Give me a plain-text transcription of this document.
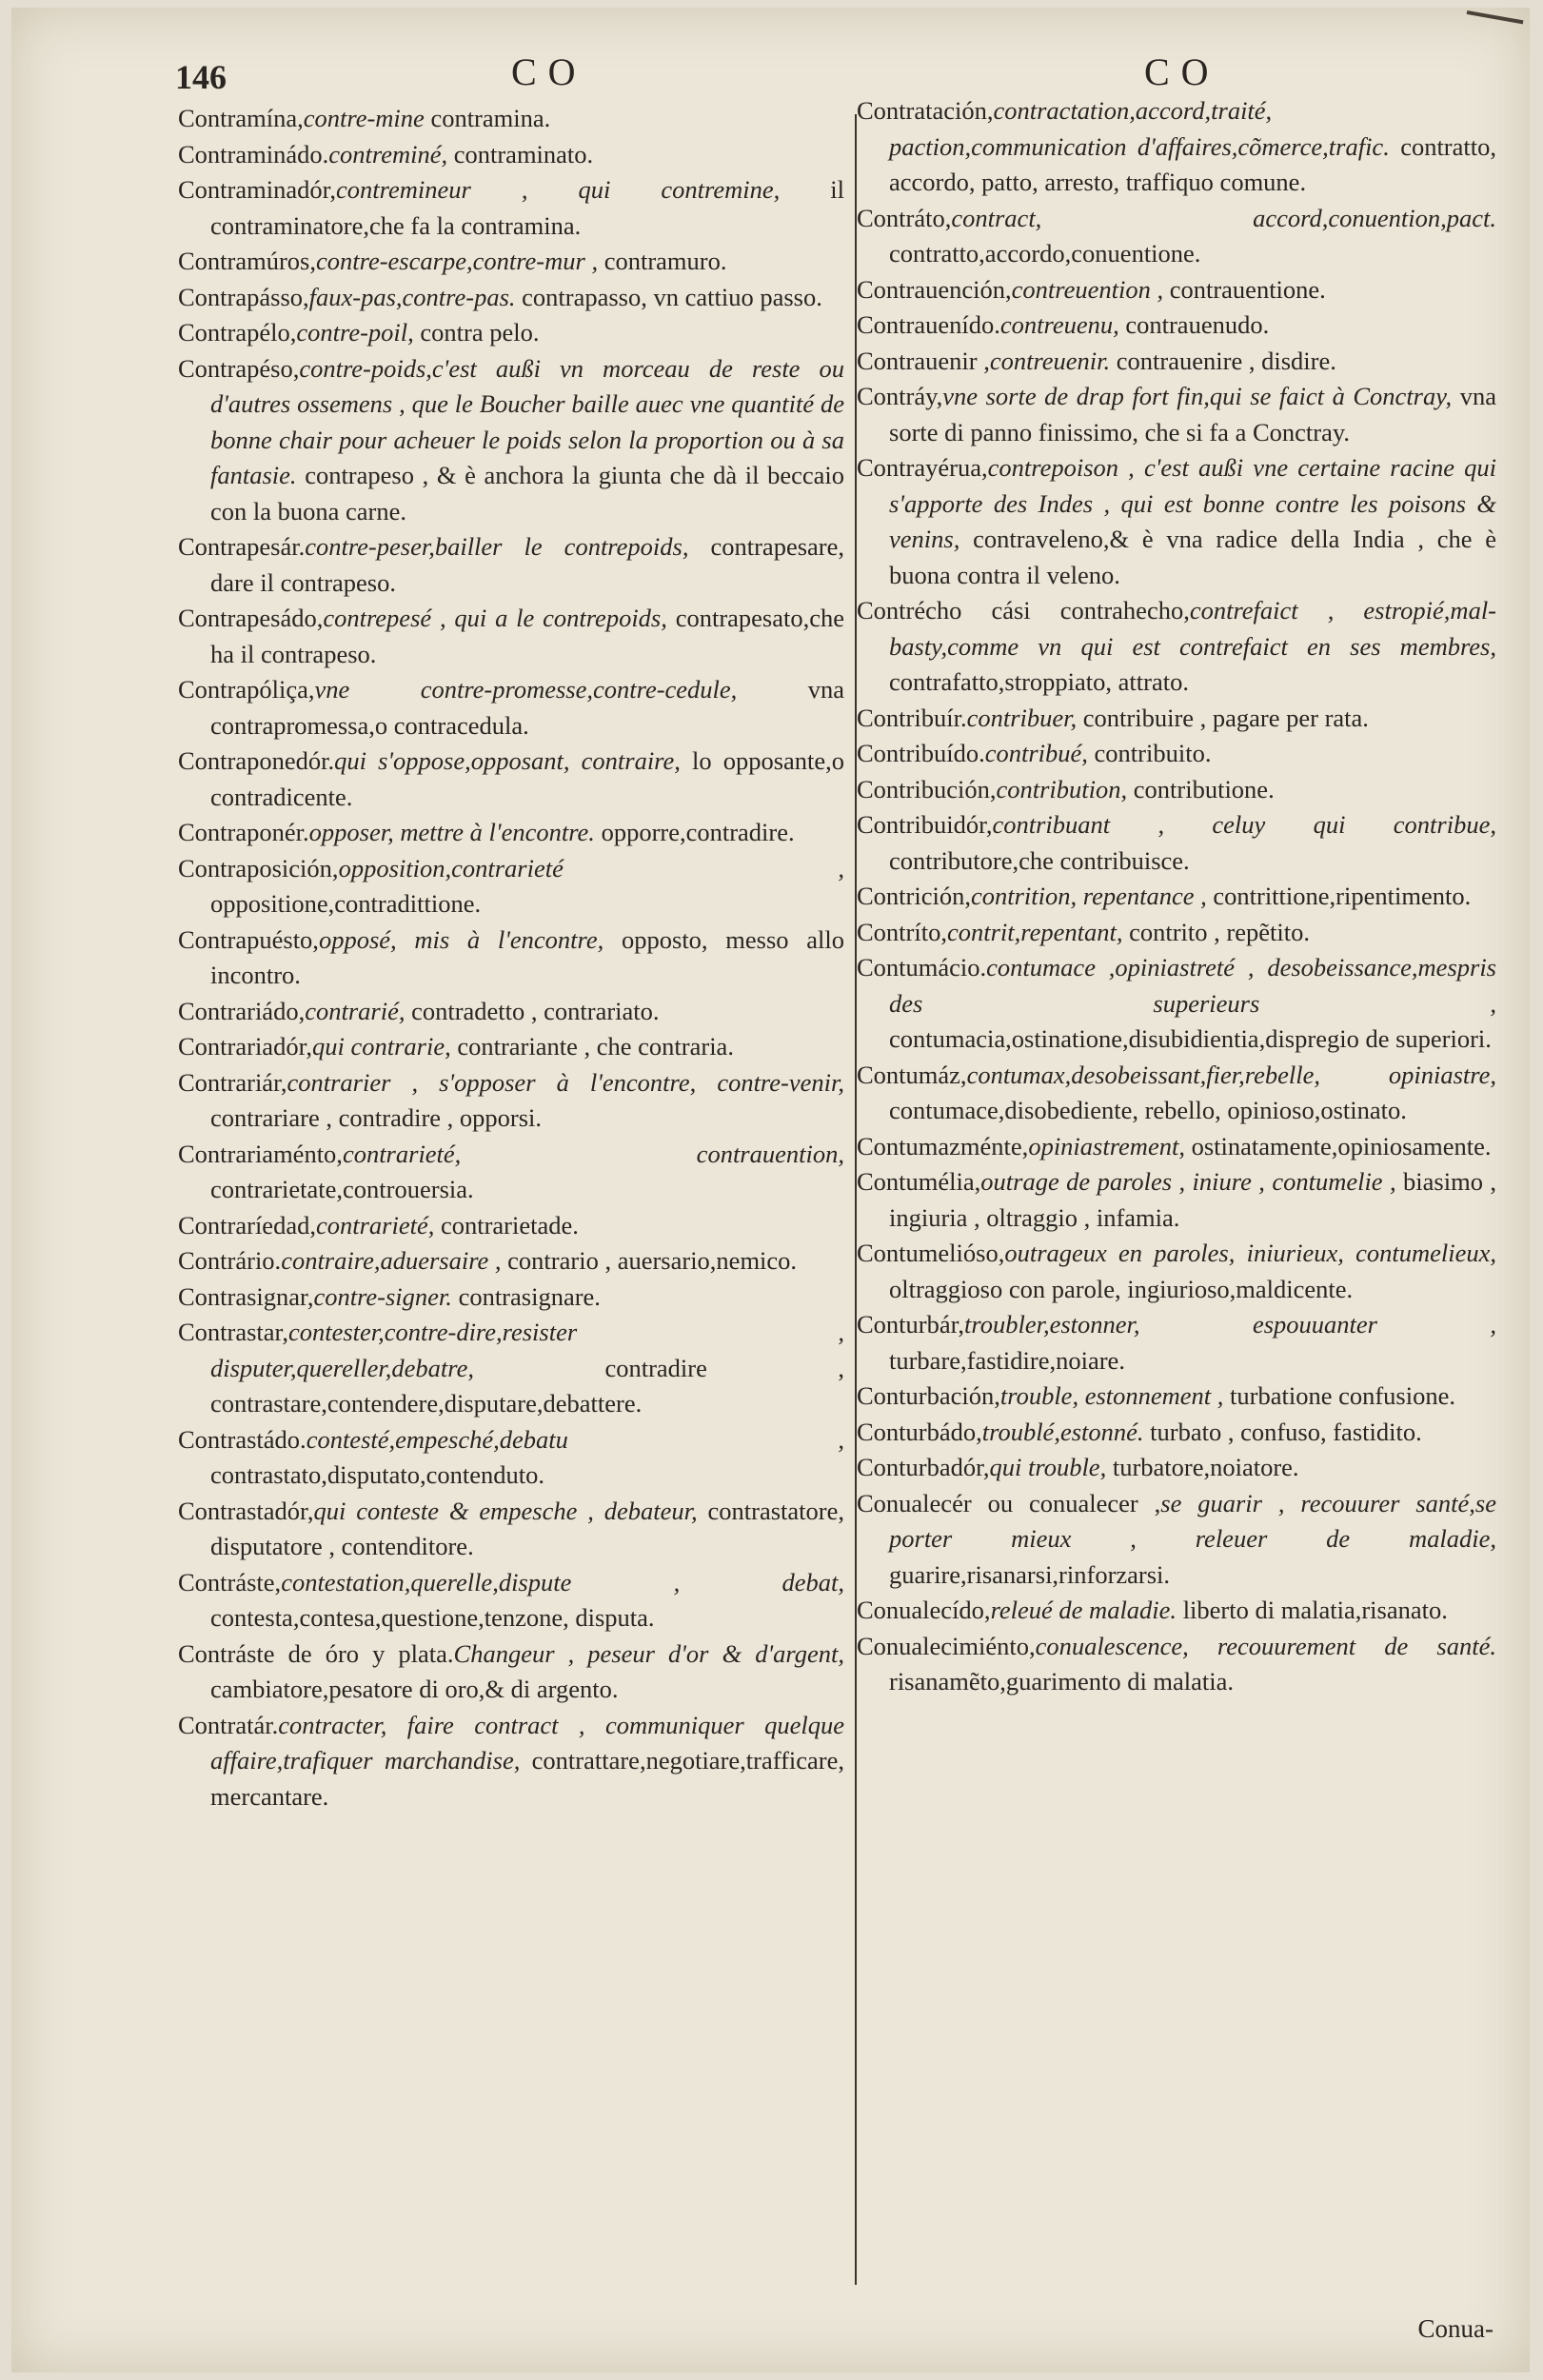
146	CO	CO
Contramína,contre-mine contramina.
Contraminádo.contreminé, contraminato.
Contraminadór,contremineur , qui contremine, il contraminatore,che fa la contramina.
Contramúros,contre-escarpe,contre-mur , contramuro.
Contrapásso,faux-pas,contre-pas. contrapasso, vn cattiuo passo.
Contrapélo,contre-poil, contra pelo.
Contrapéso,contre-poids,c'est außi vn morceau de reste ou d'autres ossemens , que le Boucher baille auec vne quantité de bonne chair pour acheuer le poids selon la proportion ou à sa fantasie. contrapeso , & è anchora la giunta che dà il beccaio con la buona carne.
Contrapesár.contre-peser,bailler le contrepoids, contrapesare, dare il contrapeso.
Contrapesádo,contrepesé , qui a le contrepoids, contrapesato,che ha il contrapeso.
Contrapóliça,vne contre-promesse,contre-cedule,	vna contrapromessa,o contracedula.
Contraponedór.qui s'oppose,opposant, contraire, lo opposante,o contradicente.
Contraponér.opposer, mettre à l'encontre. opporre,contradire.
Contraposición,opposition,contrarieté , oppositione,contradittione.
Contrapuésto,opposé, mis à l'encontre, opposto, messo allo incontro.
Contrariádo,contrarié, contradetto , contrariato.
Contrariadór,qui contrarie, contrariante , che contraria.
Contrariár,contrarier , s'opposer à l'encontre, contre-venir, contrariare , contradire , opporsi.
Contrariaménto,contrarieté, contrauention, contrarietate,controuersia.
Contraríedad,contrarieté, contrarietade.
Contrário.contraire,aduersaire , contrario , auersario,nemico.
Contrasignar,contre-signer. contrasignare.
Contrastar,contester,contre-dire,resister , disputer,quereller,debatre,	contradire , contrastare,contendere,disputare,debattere.
Contrastádo.contesté,empesché,debatu , contrastato,disputato,contenduto.
Contrastadór,qui conteste & empesche , debateur, contrastatore, disputatore , contenditore.
Contráste,contestation,querelle,dispute , debat, contesta,contesa,questione,tenzone, disputa.
Contráste de óro y plata.Changeur , peseur d'or & d'argent, cambiatore,pesatore di oro,& di argento.
Contratár.contracter, faire contract , communiquer quelque affaire,trafiquer marchandise, contrattare,negotiare,trafficare, mercantare.
Contratación,contractation,accord,traité, paction,communication d'affaires,cõmerce,trafic. contratto, accordo, patto, arresto, traffiquo comune.
Contráto,contract, accord,conuention,pact. contratto,accordo,conuentione.
Contrauención,contreuention , contrauentione.
Contrauenído.contreuenu, contrauenudo.
Contrauenir ,contreuenir. contrauenire , disdire.
Contráy,vne sorte de drap fort fin,qui se faict à Conctray, vna sorte di panno finissimo, che si fa a Conctray.
Contrayérua,contrepoison , c'est außi vne certaine racine qui s'apporte des Indes , qui est bonne contre les poisons & venins, contraveleno,& è vna radice della India , che è buona contra il veleno.
Contrécho cási contrahecho,contrefaict , estropié,mal-basty,comme vn qui est contrefaict en ses membres, contrafatto,stroppiato, attrato.
Contribuír.contribuer, contribuire , pagare per rata.
Contribuído.contribué, contribuito.
Contribución,contribution, contributione.
Contribuidór,contribuant , celuy qui contribue, contributore,che contribuisce.
Contrición,contrition, repentance , contrittione,ripentimento.
Contríto,contrit,repentant, contrito , repẽtito.
Contumácio.contumace ,opiniastreté , desobeissance,mespris des superieurs , contumacia,ostinatione,disubidientia,dispregio de superiori.
Contumáz,contumax,desobeissant,fier,rebelle, opiniastre, contumace,disobediente, rebello, opinioso,ostinato.
Contumazménte,opiniastrement, ostinatamente,opiniosamente.
Contumélia,outrage de paroles , iniure , contumelie , biasimo , ingiuria , oltraggio , infamia.
Contumelióso,outrageux en paroles, iniurieux, contumelieux, oltraggioso con parole, ingiurioso,maldicente.
Conturbár,troubler,estonner, espouuanter , turbare,fastidire,noiare.
Conturbación,trouble, estonnement , turbatione confusione.
Conturbádo,troublé,estonné. turbato , confuso, fastidito.
Conturbadór,qui trouble, turbatore,noiatore.
Conualecér ou conualecer ,se guarir , recouurer santé,se porter mieux , releuer de maladie, guarire,risanarsi,rinforzarsi.
Conualecído,releué de maladie. liberto di malatia,risanato.
Conualecimiénto,conualescence, recouurement de santé. risanamẽto,guarimento di malatia.
Conua-
